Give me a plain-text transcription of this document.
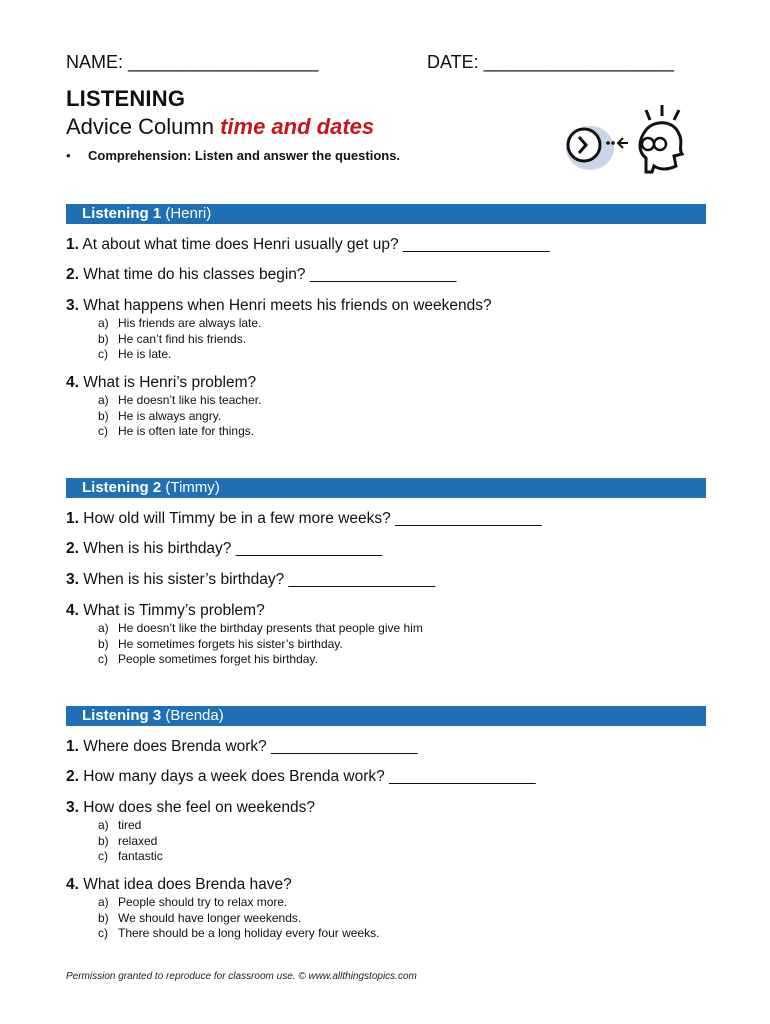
NAME: ___________________	DATE: ___________________
LISTENING
Advice Column time and dates
• Comprehension: Listen and answer the questions.
Listening 1 (Henri)
1. At about what time does Henri usually get up? _________________
2. What time do his classes begin? _________________
3. What happens when Henri meets his friends on weekends?
a) His friends are always late.
b) He can’t find his friends.
c) He is late.
4. What is Henri’s problem?
a) He doesn’t like his teacher.
b) He is always angry.
c) He is often late for things.
Listening 2 (Timmy)
1. How old will Timmy be in a few more weeks? _________________
2. When is his birthday? _________________
3. When is his sister’s birthday? _________________
4. What is Timmy’s problem?
a) He doesn’t like the birthday presents that people give him
b) He sometimes forgets his sister’s birthday.
c) People sometimes forget his birthday.
Listening 3 (Brenda)
1. Where does Brenda work? _________________
2. How many days a week does Brenda work? _________________
3. How does she feel on weekends?
a) tired
b) relaxed
c) fantastic
4. What idea does Brenda have?
a) People should try to relax more.
b) We should have longer weekends.
c) There should be a long holiday every four weeks.
Permission granted to reproduce for classroom use. © www.allthingstopics.com
